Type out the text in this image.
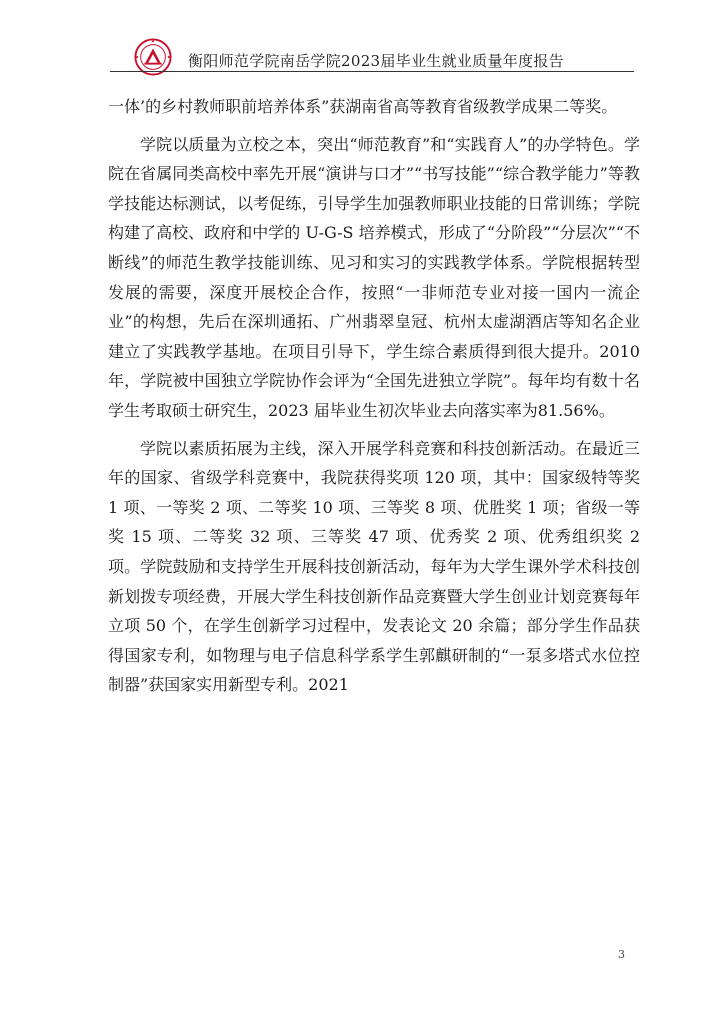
衡阳师范学院南岳学院2023届毕业生就业质量年度报告

一体’的乡村教师职前培养体系”获湖南省高等教育省级教学成果二等奖。

学院以质量为立校之本，突出“师范教育”和“实践育人”的办学特色。学院在省属同类高校中率先开展“演讲与口才”“书写技能”“综合教学能力”等教学技能达标测试，以考促练，引导学生加强教师职业技能的日常训练；学院构建了高校、政府和中学的 U-G-S 培养模式，形成了“分阶段”“分层次”“不断线”的师范生教学技能训练、见习和实习的实践教学体系。学院根据转型发展的需要，深度开展校企合作，按照“一非师范专业对接一国内一流企业”的构想，先后在深圳通拓、广州翡翠皇冠、杭州太虚湖酒店等知名企业建立了实践教学基地。在项目引导下，学生综合素质得到很大提升。2010 年，学院被中国独立学院协作会评为“全国先进独立学院”。每年均有数十名学生考取硕士研究生，2023 届毕业生初次毕业去向落实率为81.56%。

学院以素质拓展为主线，深入开展学科竞赛和科技创新活动。在最近三年的国家、省级学科竞赛中，我院获得奖项 120 项，其中：国家级特等奖 1 项、一等奖 2 项、二等奖 10 项、三等奖 8 项、优胜奖 1 项；省级一等奖 15 项、二等奖 32 项、三等奖 47 项、优秀奖 2 项、优秀组织奖 2 项。学院鼓励和支持学生开展科技创新活动，每年为大学生课外学术科技创新划拨专项经费，开展大学生科技创新作品竞赛暨大学生创业计划竞赛每年立项 50 个，在学生创新学习过程中，发表论文 20 余篇；部分学生作品获得国家专利，如物理与电子信息科学系学生郭麒研制的“一泵多塔式水位控制器”获国家实用新型专利。2021

3
